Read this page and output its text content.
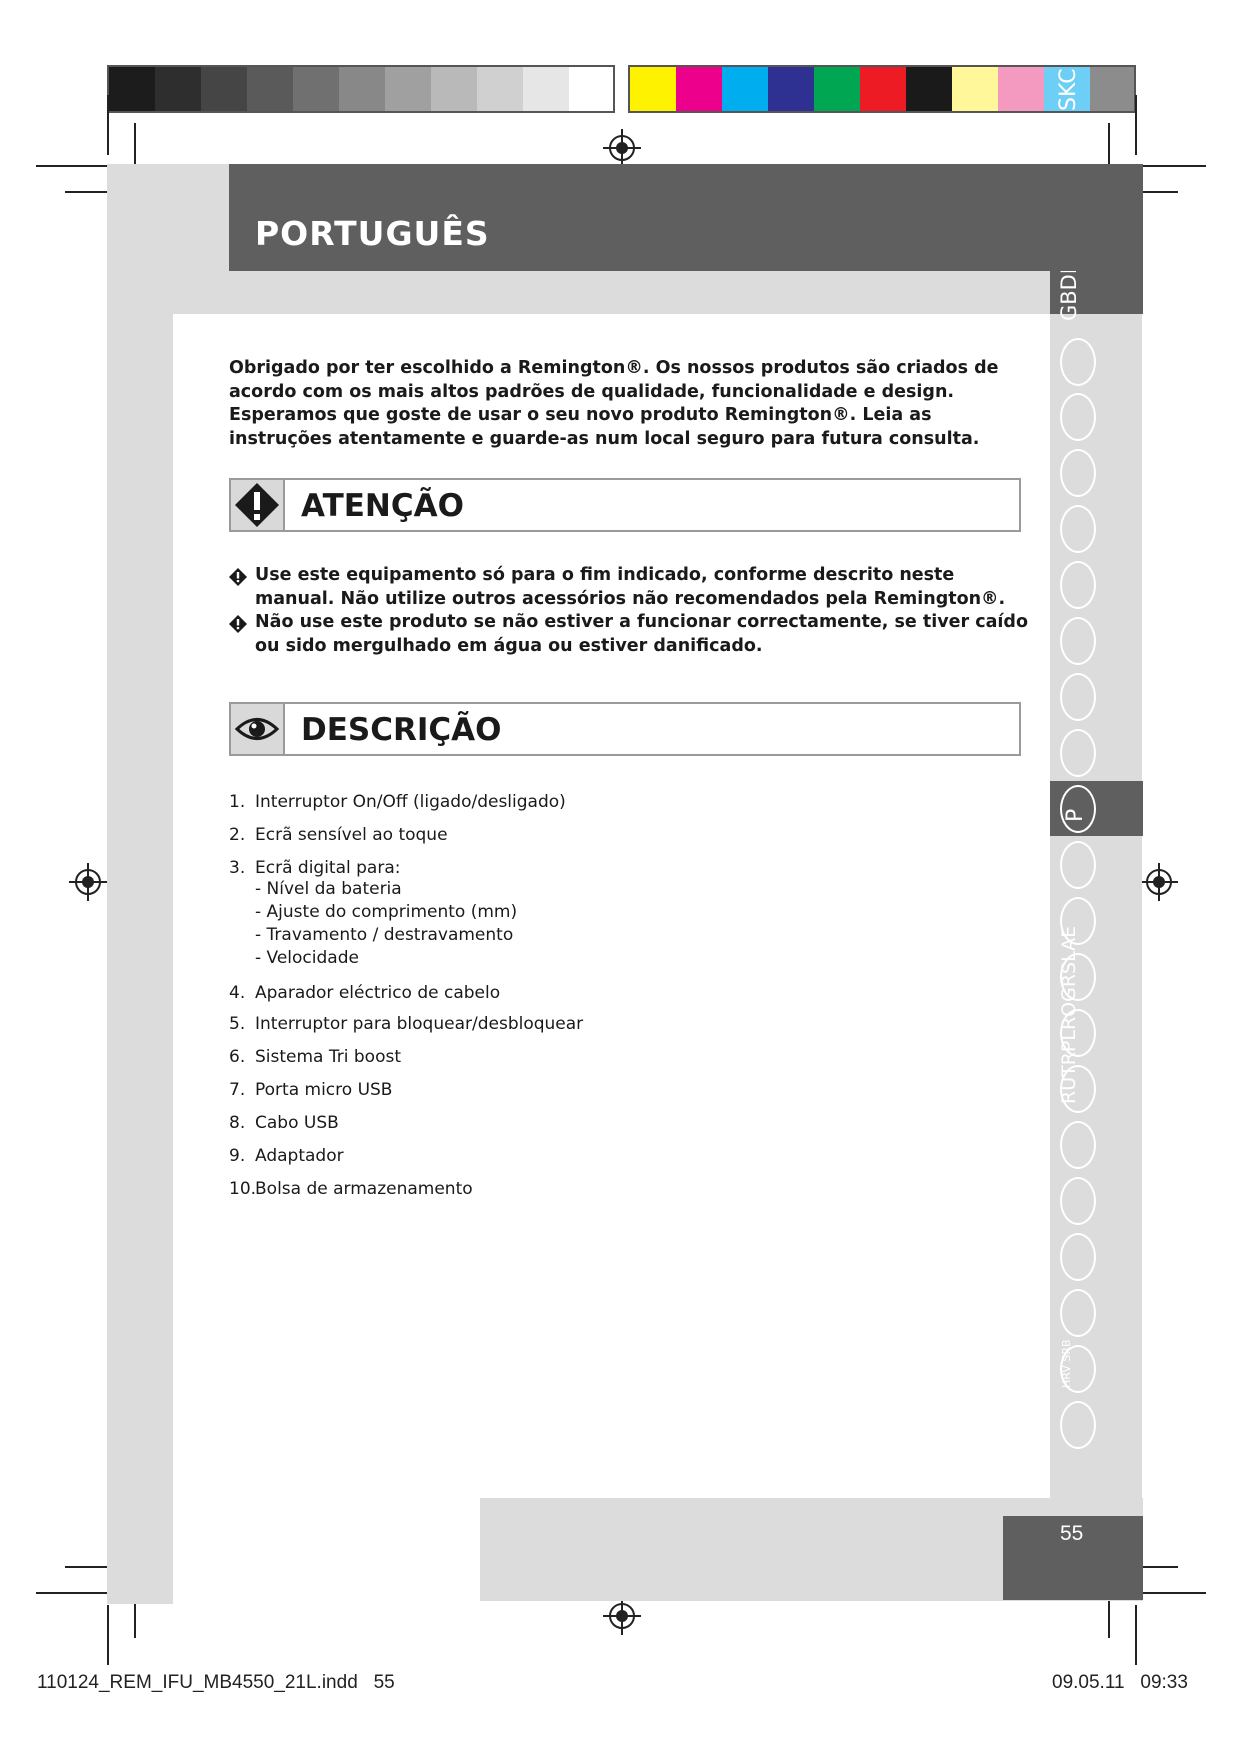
SKC
P
RUTRPLROGRSLAE
HRV SRB
PORTUGUÊS

Obrigado por ter escolhido a Remington®. Os nossos produtos são criados de acordo com os mais altos padrões de qualidade, funcionalidade e design. Esperamos que goste de usar o seu novo produto Remington®. Leia as instruções atentamente e guarde-as num local seguro para futura consulta.

ATENÇÃO

Use este equipamento só para o fim indicado, conforme descrito neste manual. Não utilize outros acessórios não recomendados pela Remington®.

Não use este produto se não estiver a funcionar correctamente, se tiver caído ou sido mergulhado em água ou estiver danificado.

DESCRIÇÃO
1. Interruptor On/Off (ligado/desligado)
2. Ecrã sensível ao toque
3. Ecrã digital para:
- Nível da bateria
- Ajuste do comprimento (mm)
- Travamento / destravamento
- Velocidade
4. Aparador eléctrico de cabelo
5. Interruptor para bloquear/desbloquear
6. Sistema Tri boost
7. Porta micro USB
8. Cabo USB
9. Adaptador
10.Bolsa de armazenamento
55
110124_REM_IFU_MB4550_21L.indd   55	09.05.11   09:33
